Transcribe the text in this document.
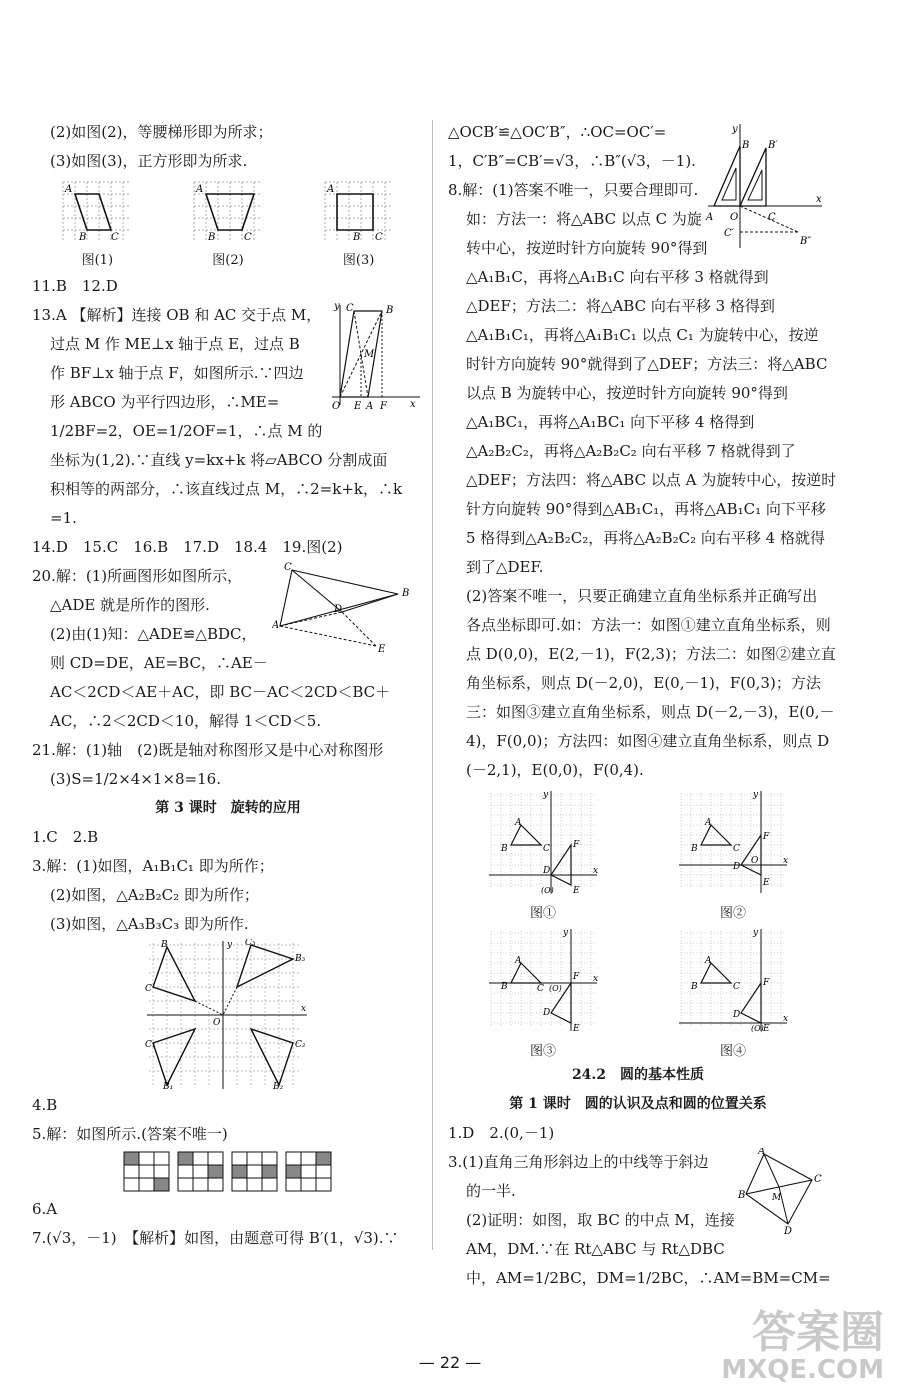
(2)如图(2)，等腰梯形即为所求；
(3)如图(3)，正方形即为所求.
A
B C
图(1)
A
B	C
图(2)
A
B C
图(3)
11.B　12.D
13.A 【解析】连接 OB 和 AC 交于点 M，
过点 M 作 ME⊥x 轴于点 E，过点 B
作 BF⊥x 轴于点 F，如图所示.∵四边
形 ABCO 为平行四边形，∴ME=
1/2BF=2，OE=1/2OF=1，∴点 M 的
坐标为(1,2).∵直线 y=kx+k 将▱ABCO 分割成面
积相等的两部分，∴该直线过点 M，∴2=k+k，∴k
=1.
y C	B
M
O E A F x
14.D　15.C　16.B　17.D　18.4　19.图(2)
20.解：(1)所画图形如图所示，
△ADE 就是所作的图形.
(2)由(1)知：△ADE≌△BDC，
则 CD=DE，AE=BC，∴AE－
AC＜2CD＜AE＋AC，即 BC－AC＜2CD＜BC＋
AC，∴2＜2CD＜10，解得 1＜CD＜5.
C
B
A
D
E
21.解：(1)轴　(2)既是轴对称图形又是中心对称图形
(3)S=1/2×4×1×8=16.
第 3 课时　旋转的应用
1.C　2.B
3.解：(1)如图，A₁B₁C₁ 即为所作；
(2)如图，△A₂B₂C₂ 即为所作；
(3)如图，△A₃B₃C₃ 即为所作.
B
C
C₃
B₃
C₁
B₁
C₂
B₂
y
x
O
4.B
5.解：如图所示.(答案不唯一)
6.A
7.(√3，－1)　【解析】如图，由题意可得 B′(1，√3).∵
△OCB′≌△OC′B″，∴OC=OC′=
1，C′B″=CB′=√3，∴B″(√3，－1).
y
B B′
x
A O	C
C′
B″
8.解：(1)答案不唯一，只要合理即可.
如：方法一：将△ABC 以点 C 为旋
转中心，按逆时针方向旋转 90°得到
△A₁B₁C，再将△A₁B₁C 向右平移 3 格就得到
△DEF；方法二：将△ABC 向右平移 3 格得到
△A₁B₁C₁，再将△A₁B₁C₁ 以点 C₁ 为旋转中心，按逆
时针方向旋转 90°就得到了△DEF；方法三：将△ABC
以点 B 为旋转中心，按逆时针方向旋转 90°得到
△A₁BC₁，再将△A₁BC₁ 向下平移 4 格得到
△A₂B₂C₂，再将△A₂B₂C₂ 向右平移 7 格就得到了
△DEF；方法四：将△ABC 以点 A 为旋转中心，按逆时
针方向旋转 90°得到△AB₁C₁，再将△AB₁C₁ 向下平移
5 格得到△A₂B₂C₂，再将△A₂B₂C₂ 向右平移 4 格就得
到了△DEF.
(2)答案不唯一，只要正确建立直角坐标系并正确写出
各点坐标即可.如：方法一：如图①建立直角坐标系，则
点 D(0,0)，E(2,－1)，F(2,3)；方法二：如图②建立直
角坐标系，则点 D(－2,0)，E(0,－1)，F(0,3)；方法
三：如图③建立直角坐标系，则点 D(－2,－3)，E(0,－
4)，F(0,0)；方法四：如图④建立直角坐标系，则点 D
(－2,1)，E(0,0)，F(0,4).
A
B	C	F
D
E
(O)
x
y
图①
A
B	C
F
D
E
O	x
y
图②
A
B	C
F
D
E
(O)
x
y
图③
A
B	C	F
D
E
(O)
x
y
图④
24.2　圆的基本性质
第 1 课时　圆的认识及点和圆的位置关系
1.D　2.(0,－1)
3.(1)直角三角形斜边上的中线等于斜边
的一半.
(2)证明：如图，取 BC 的中点 M，连接
AM，DM.∵在 Rt△ABC 与 Rt△DBC
中，AM=1/2BC，DM=1/2BC，∴AM=BM=CM=
A
C
B	M
D
— 22 —
答案圈
MXQE.COM
